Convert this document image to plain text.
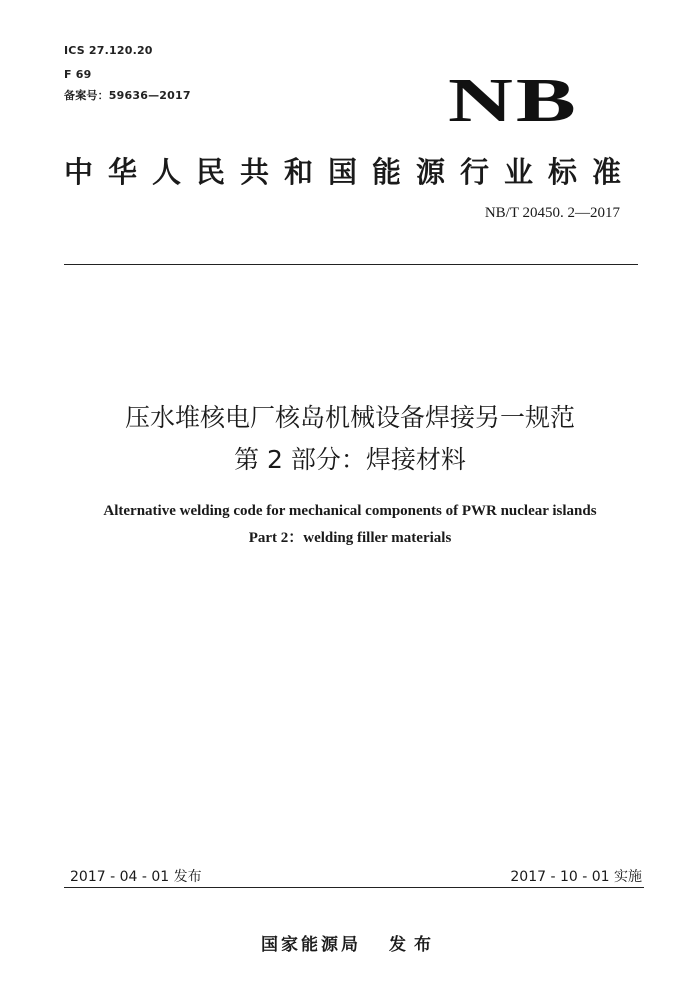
ICS 27.120.20
F 69
备案号：59636—2017	NB
中华人民共和国能源行业标准
NB/T 20450. 2—2017
压水堆核电厂核岛机械设备焊接另一规范
第 2 部分：焊接材料
Alternative welding code for mechanical components of PWR nuclear islands
Part 2：welding filler materials
2017 - 04 - 01 发布	2017 - 10 - 01 实施
国家能源局 发布
